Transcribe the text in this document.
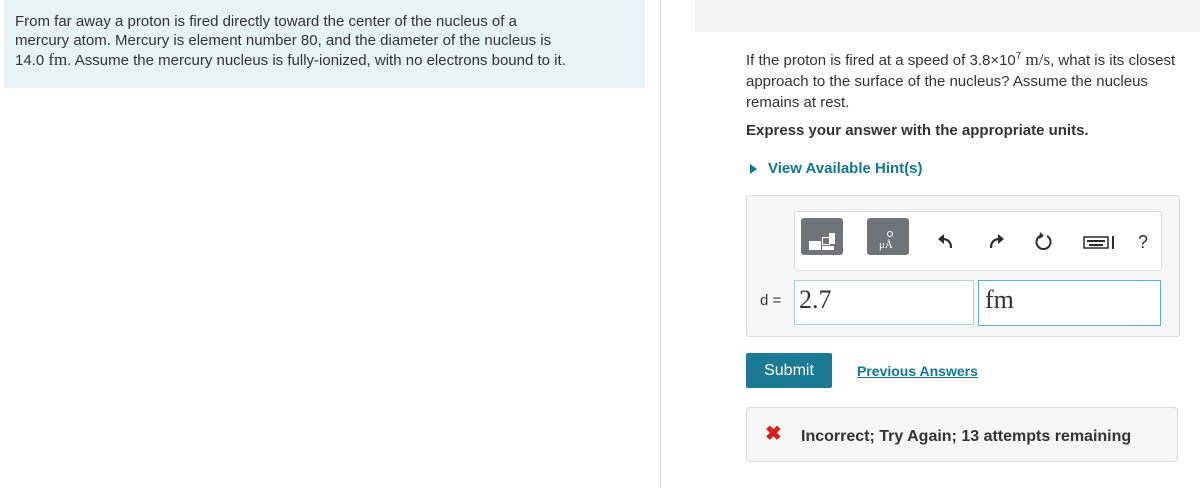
From far away a proton is fired directly toward the center of the nucleus of a
mercury atom. Mercury is element number 80, and the diameter of the nucleus is
14.0 fm. Assume the mercury nucleus is fully-ionized, with no electrons bound to it.	If the proton is fired at a speed of $3.8\times 10^7$ m/s, what is its closest approach to the surface of the nucleus? Assume the nucleus remains at rest.
Express your answer with the appropriate units.
View Available Hint(s)
μÅ	?
d = 2.7	fm
Submit	Previous Answers
✖ Incorrect; Try Again; 13 attempts remaining
